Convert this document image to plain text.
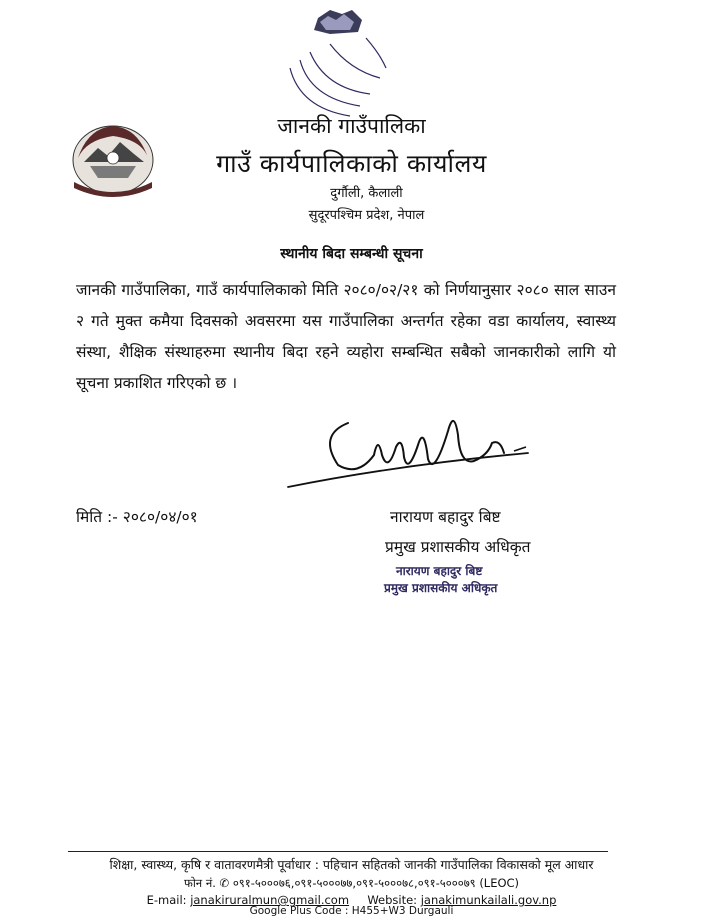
जानकी गाउँपालिका
गाउँ कार्यपालिकाको कार्यालय
दुर्गौली, कैलाली
सुदूरपश्चिम प्रदेश, नेपाल
स्थानीय बिदा सम्बन्धी सूचना

जानकी गाउँपालिका, गाउँ कार्यपालिकाको मिति २०८०/०२/२१ को निर्णयानुसार २०८० साल साउन २ गते मुक्त कमैया दिवसको अवसरमा यस गाउँपालिका अन्तर्गत रहेका वडा कार्यालय, स्वास्थ्य संस्था, शैक्षिक संस्थाहरुमा स्थानीय बिदा रहने व्यहोरा सम्बन्धित सबैको जानकारीको लागि यो सूचना प्रकाशित गरिएको छ ।

मिति :- २०८०/०४/०१	नारायण बहादुर बिष्ट
प्रमुख प्रशासकीय अधिकृत
नारायण बहादुर बिष्ट
प्रमुख प्रशासकीय अधिकृत
शिक्षा, स्वास्थ्य, कृषि र वातावरणमैत्री पूर्वाधार : पहिचान सहितको जानकी गाउँपालिका विकासको मूल आधार
फोन नं. ✆ ०९१-५०००७६,०९१-५०००७७,०९१-५०००७८,०९१-५०००७९ (LEOC)
E-mail: janakiruralmun@gmail.com Website: janakimunkailali.gov.np
Google Plus Code : H455+W3 Durgauli
